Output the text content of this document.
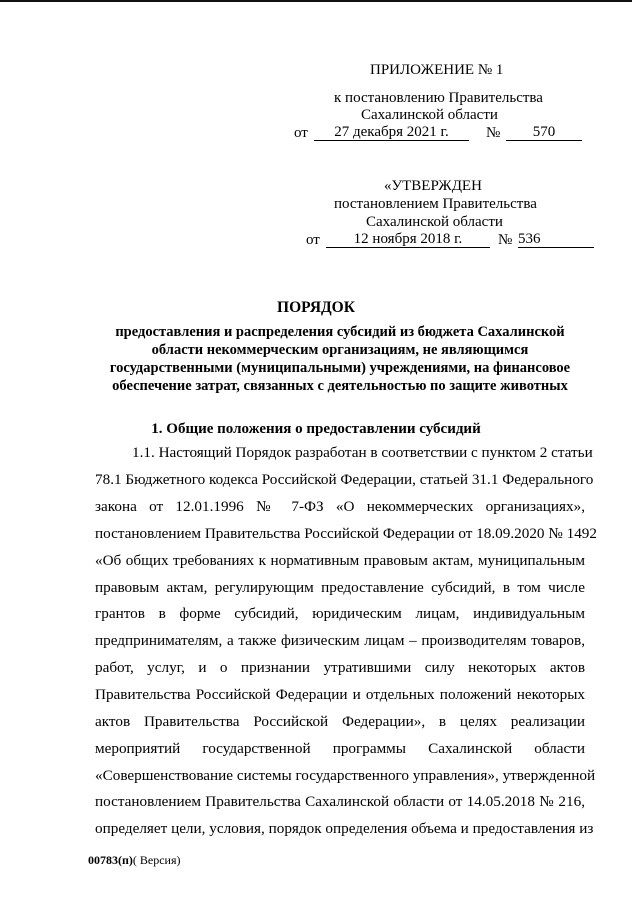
ПРИЛОЖЕНИЕ № 1
к постановлению Правительства
Сахалинской области
от	27 декабря 2021 г.	№	570
«УТВЕРЖДЕН
постановлением Правительства
Сахалинской области
от	12 ноября 2018 г.	№ 536
ПОРЯДОК
предоставления и распределения субсидий из бюджета Сахалинской
области некоммерческим организациям, не являющимся
государственными (муниципальными) учреждениями, на финансовое
обеспечение затрат, связанных с деятельностью по защите животных
1. Общие положения о предоставлении субсидий
1.1. Настоящий Порядок разработан в соответствии с пунктом 2 статьи
78.1 Бюджетного кодекса Российской Федерации, статьей 31.1 Федерального
закона от 12.01.1996 № 7-ФЗ «О некоммерческих организациях»,
постановлением Правительства Российской Федерации от 18.09.2020 № 1492
«Об общих требованиях к нормативным правовым актам, муниципальным
правовым актам, регулирующим предоставление субсидий, в том числе
грантов в форме субсидий, юридическим лицам, индивидуальным
предпринимателям, а также физическим лицам – производителям товаров,
работ, услуг, и о признании утратившими силу некоторых актов
Правительства Российской Федерации и отдельных положений некоторых
актов Правительства Российской Федерации», в целях реализации
мероприятий государственной программы Сахалинской области
«Совершенствование системы государственного управления», утвержденной
постановлением Правительства Сахалинской области от 14.05.2018 № 216,
определяет цели, условия, порядок определения объема и предоставления из
00783(п)( Версия)
